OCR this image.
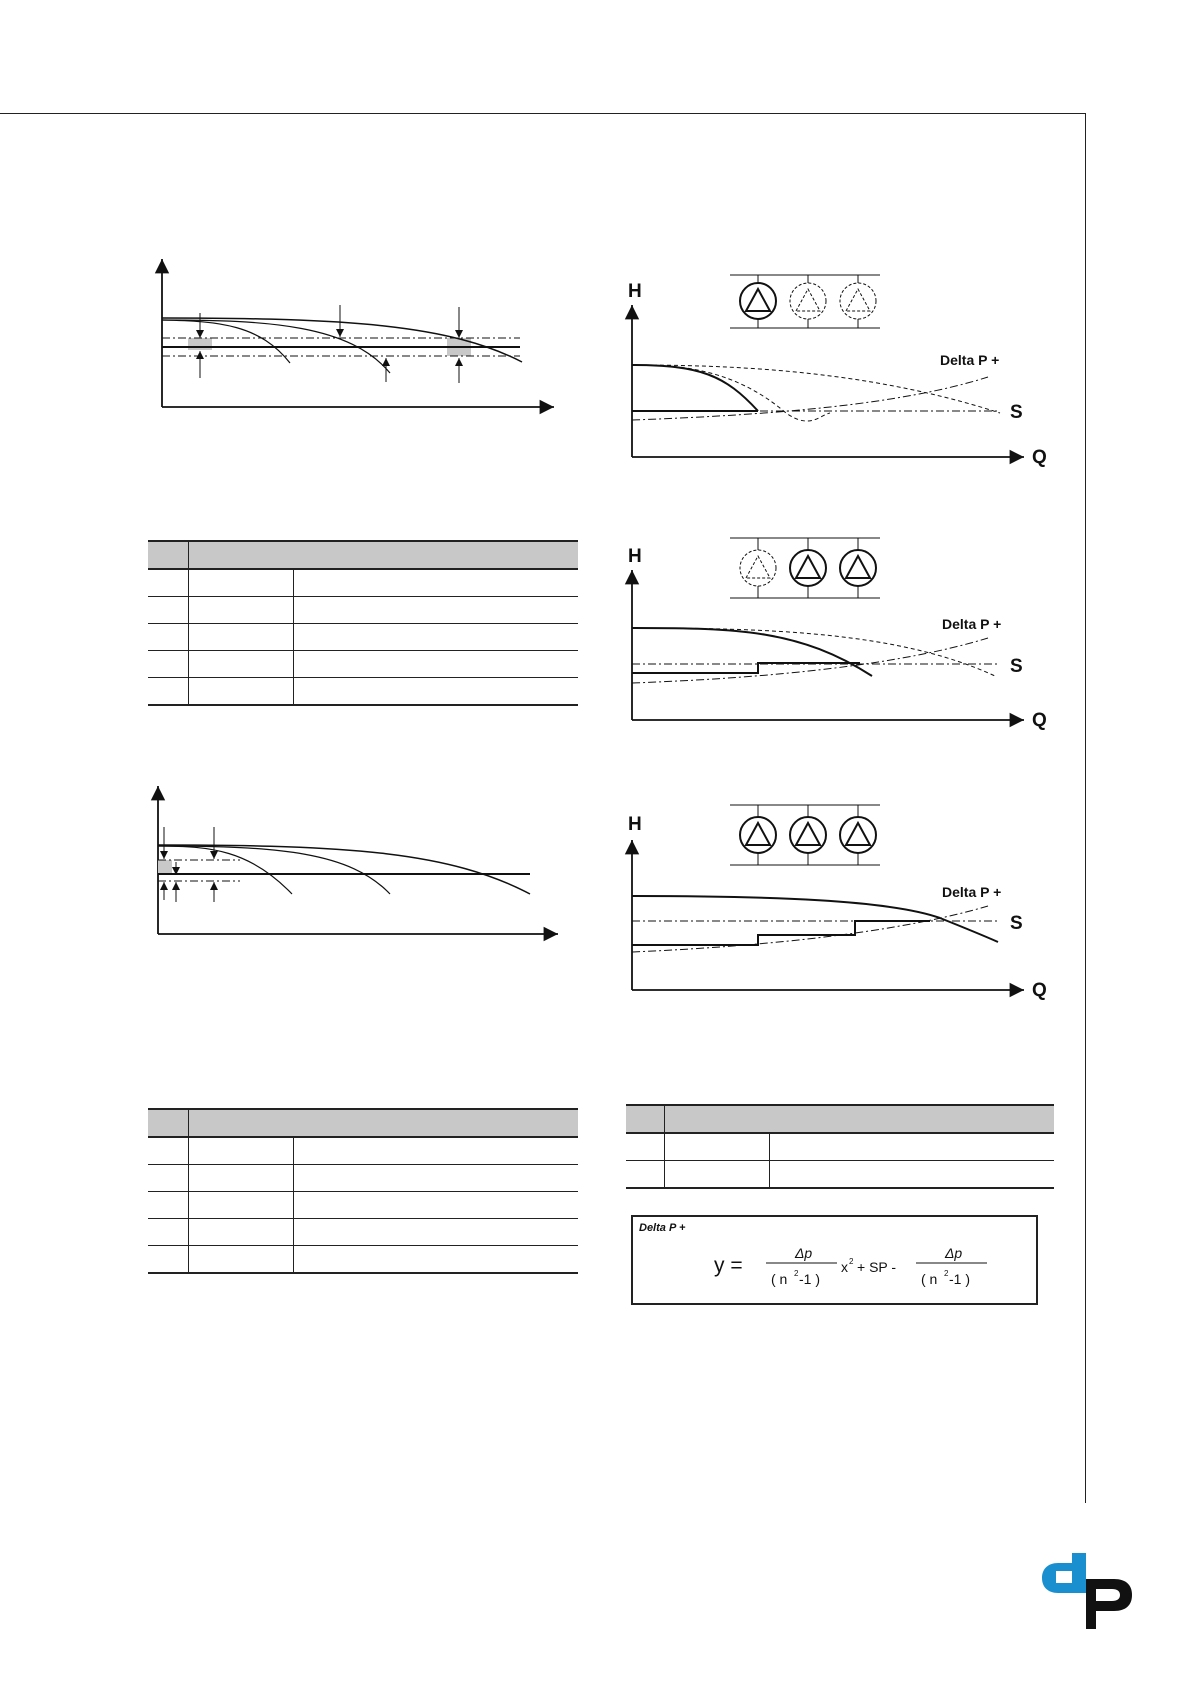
H
Q
Delta P +
S
H
Q
Delta P +
S
H
Q
Delta P +
S

Delta P +
y =
Δp
( n 2 -1 )
x 2 + SP -
Δp
( n 2 -1 )
